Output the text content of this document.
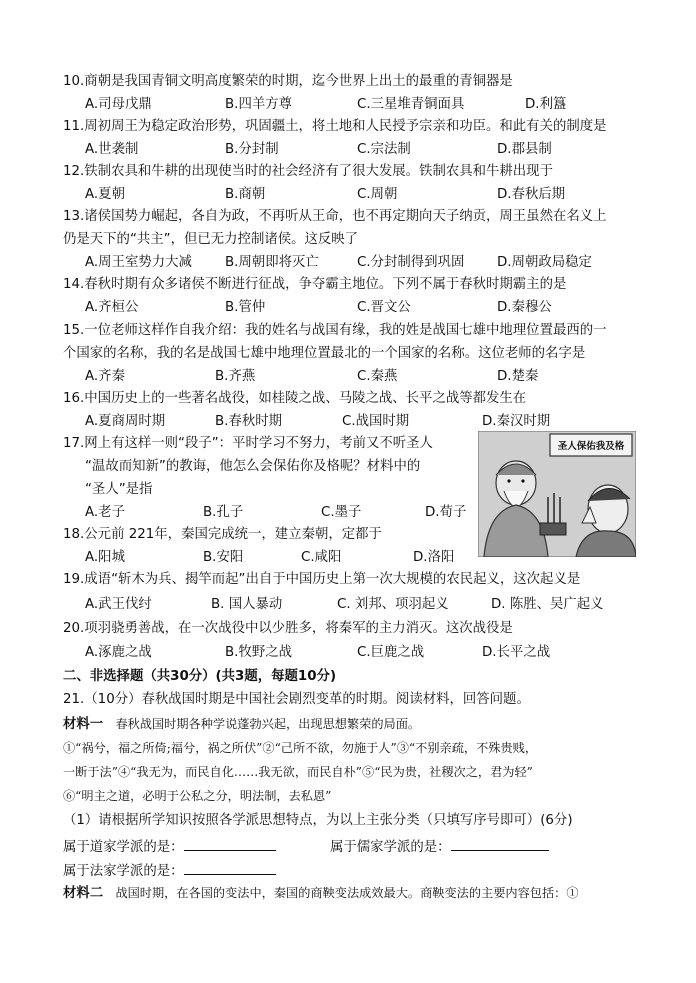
10.商朝是我国青铜文明高度繁荣的时期，迄今世界上出土的最重的青铜器是
A.司母戊鼎	B.四羊方尊	C.三星堆青铜面具	D.利簋
11.周初周王为稳定政治形势，巩固疆土，将土地和人民授予宗亲和功臣。和此有关的制度是
A.世袭制	B.分封制	C.宗法制	D.郡县制
12.铁制农具和牛耕的出现使当时的社会经济有了很大发展。铁制农具和牛耕出现于
A.夏朝	B.商朝	C.周朝	D.春秋后期
13.诸侯国势力崛起，各自为政，不再听从王命，也不再定期向天子纳贡，周王虽然在名义上
仍是天下的“共主”，但已无力控制诸侯。这反映了
A.周王室势力大减 B.周朝即将灭亡	C.分封制得到巩固 D.周朝政局稳定
14.春秋时期有众多诸侯不断进行征战，争夺霸主地位。下列不属于春秋时期霸主的是
A.齐桓公	B.管仲	C.晋文公	D.秦穆公
15.一位老师这样作自我介绍：我的姓名与战国有缘，我的姓是战国七雄中地理位置最西的一
个国家的名称，我的名是战国七雄中地理位置最北的一个国家的名称。这位老师的名字是
A.齐秦	B.齐燕	C.秦燕	D.楚秦
16.中国历史上的一些著名战役，如桂陵之战、马陵之战、长平之战等都发生在
A.夏商周时期	B.春秋时期	C.战国时期	D.秦汉时期
17.网上有这样一则“段子”：平时学习不努力，考前又不听圣人
“温故而知新”的教诲，他怎么会保佑你及格呢？材料中的
“圣人”是指
A.老子	B.孔子	C.墨子	D.荀子
圣人保佑我及格
18.公元前 221年，秦国完成统一，建立秦朝，定都于
A.阳城	B.安阳	C.咸阳	D.洛阳
19.成语“斩木为兵、揭竿而起”出自于中国历史上第一次大规模的农民起义，这次起义是
A.武王伐纣	B. 国人暴动	C. 刘邦、项羽起义	D. 陈胜、吴广起义
20.项羽骁勇善战，在一次战役中以少胜多，将秦军的主力消灭。这次战役是
A.涿鹿之战	B.牧野之战	C.巨鹿之战	D.长平之战
二、非选择题（共30分）(共3题，每题10分)
21.（10分）春秋战国时期是中国社会剧烈变革的时期。阅读材料，回答问题。
材料一 春秋战国时期各种学说蓬勃兴起，出现思想繁荣的局面。
①“祸兮，福之所倚;福兮，祸之所伏”②“己所不欲，勿施于人”③“不别亲疏，不殊贵贱，
一断于法”④“我无为，而民自化……我无欲，而民自朴”⑤“民为贵，社稷次之，君为轻”
⑥“明主之道，必明于公私之分，明法制，去私恩”
（1）请根据所学知识按照各学派思想特点，为以上主张分类（只填写序号即可）(6分)
属于道家学派的是：	属于儒家学派的是：
属于法家学派的是：
材料二 战国时期，在各国的变法中，秦国的商鞅变法成效最大。商鞅变法的主要内容包括：①
